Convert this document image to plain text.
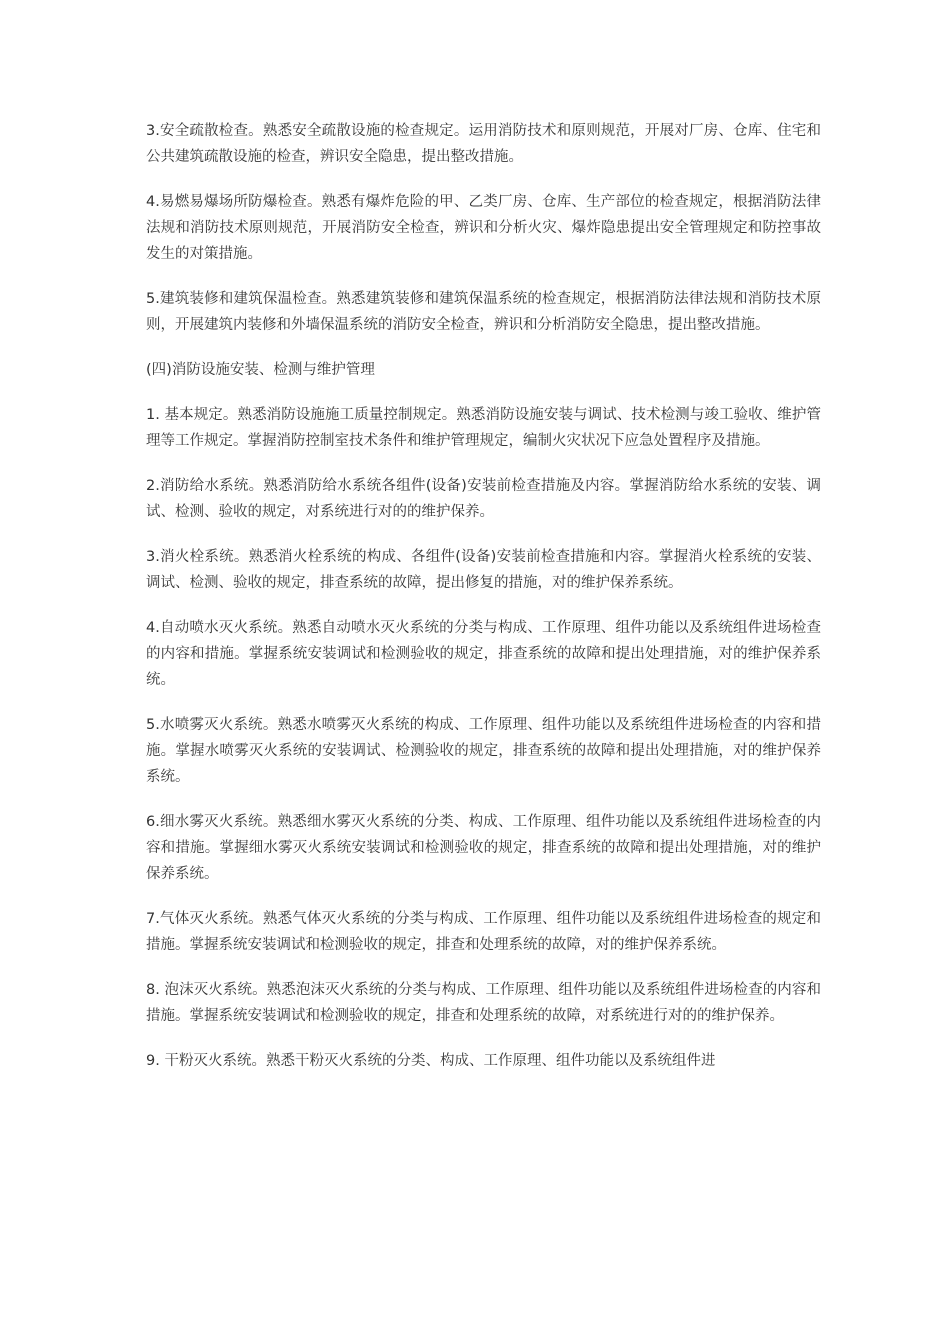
3.安全疏散检查。熟悉安全疏散设施的检查规定。运用消防技术和原则规范，开展对厂房、仓库、住宅和公共建筑疏散设施的检查，辨识安全隐患，提出整改措施。

4.易燃易爆场所防爆检查。熟悉有爆炸危险的甲、乙类厂房、仓库、生产部位的检查规定，根据消防法律法规和消防技术原则规范，开展消防安全检查，辨识和分析火灾、爆炸隐患提出安全管理规定和防控事故发生的对策措施。

5.建筑装修和建筑保温检查。熟悉建筑装修和建筑保温系统的检查规定，根据消防法律法规和消防技术原则，开展建筑内装修和外墙保温系统的消防安全检查，辨识和分析消防安全隐患，提出整改措施。

(四)消防设施安装、检测与维护管理

1. 基本规定。熟悉消防设施施工质量控制规定。熟悉消防设施安装与调试、技术检测与竣工验收、维护管理等工作规定。掌握消防控制室技术条件和维护管理规定，编制火灾状况下应急处置程序及措施。

2.消防给水系统。熟悉消防给水系统各组件(设备)安装前检查措施及内容。掌握消防给水系统的安装、调试、检测、验收的规定，对系统进行对的的维护保养。

3.消火栓系统。熟悉消火栓系统的构成、各组件(设备)安装前检查措施和内容。掌握消火栓系统的安装、调试、检测、验收的规定，排查系统的故障，提出修复的措施，对的维护保养系统。

4.自动喷水灭火系统。熟悉自动喷水灭火系统的分类与构成、工作原理、组件功能以及系统组件进场检查的内容和措施。掌握系统安装调试和检测验收的规定，排查系统的故障和提出处理措施，对的维护保养系统。

5.水喷雾灭火系统。熟悉水喷雾灭火系统的构成、工作原理、组件功能以及系统组件进场检查的内容和措施。掌握水喷雾灭火系统的安装调试、检测验收的规定，排查系统的故障和提出处理措施，对的维护保养系统。

6.细水雾灭火系统。熟悉细水雾灭火系统的分类、构成、工作原理、组件功能以及系统组件进场检查的内容和措施。掌握细水雾灭火系统安装调试和检测验收的规定，排查系统的故障和提出处理措施，对的维护保养系统。

7.气体灭火系统。熟悉气体灭火系统的分类与构成、工作原理、组件功能以及系统组件进场检查的规定和措施。掌握系统安装调试和检测验收的规定，排查和处理系统的故障，对的维护保养系统。

8. 泡沫灭火系统。熟悉泡沫灭火系统的分类与构成、工作原理、组件功能以及系统组件进场检查的内容和措施。掌握系统安装调试和检测验收的规定，排查和处理系统的故障，对系统进行对的的维护保养。

9. 干粉灭火系统。熟悉干粉灭火系统的分类、构成、工作原理、组件功能以及系统组件进
